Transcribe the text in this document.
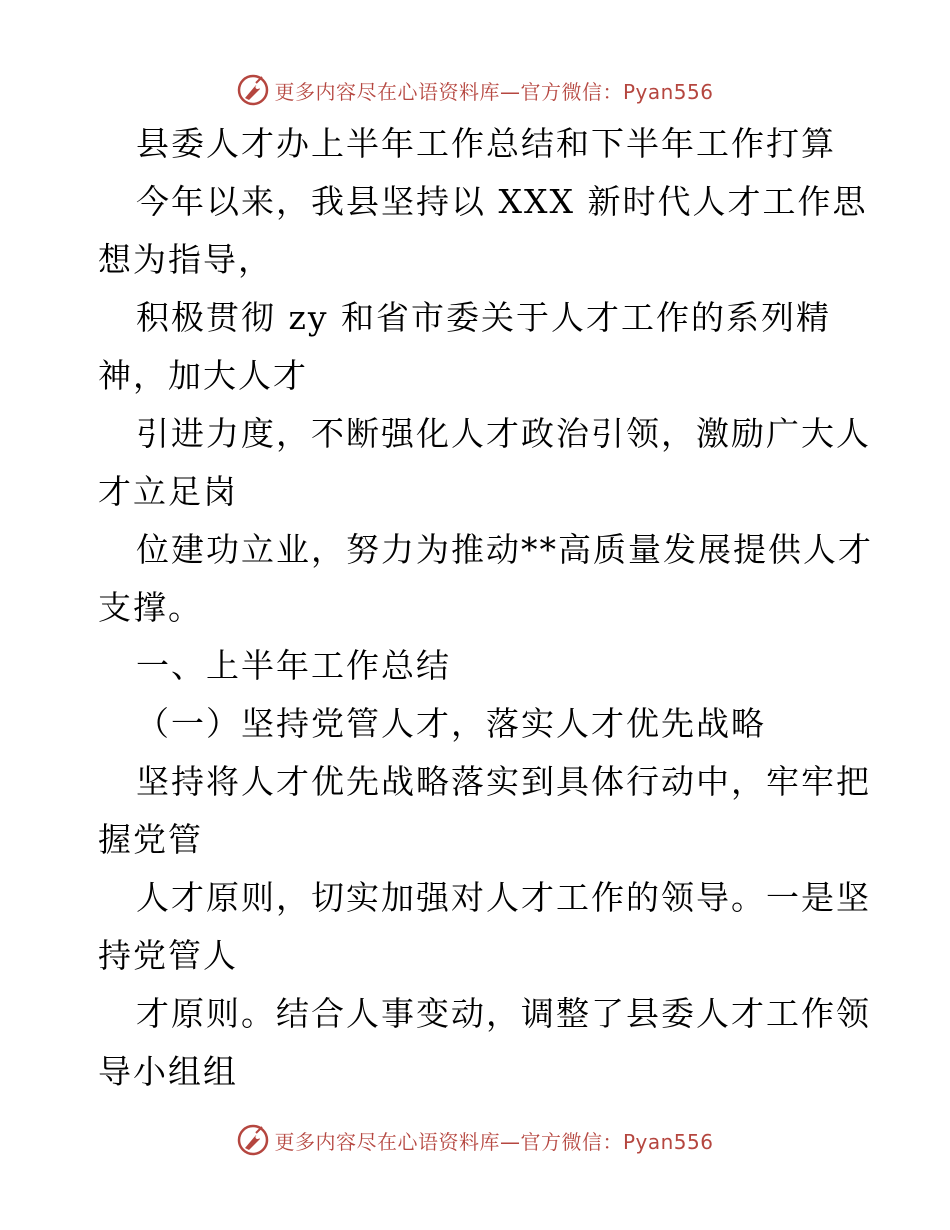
更多内容尽在心语资料库—官方微信：Pyan556
县委人才办上半年工作总结和下半年工作打算
今年以来，我县坚持以 XXX 新时代人才工作思
想为指导，
积极贯彻 zy 和省市委关于人才工作的系列精
神，加大人才
引进力度，不断强化人才政治引领，激励广大人
才立足岗
位建功立业，努力为推动**高质量发展提供人才
支撑。
一、上半年工作总结
（一）坚持党管人才，落实人才优先战略
坚持将人才优先战略落实到具体行动中，牢牢把
握党管
人才原则，切实加强对人才工作的领导。一是坚
持党管人
才原则。结合人事变动，调整了县委人才工作领
导小组组
更多内容尽在心语资料库—官方微信：Pyan556
